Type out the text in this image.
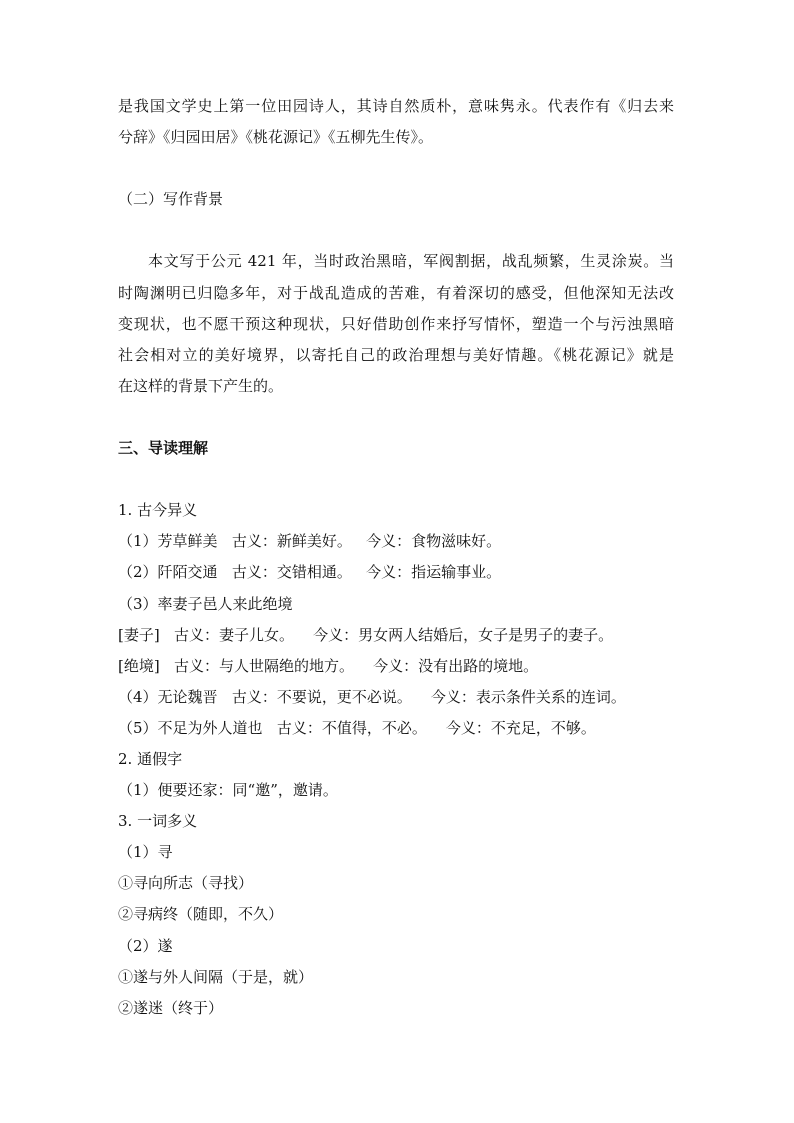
是我国文学史上第一位田园诗人，其诗自然质朴，意味隽永。代表作有《归去来
兮辞》《归园田居》《桃花源记》《五柳先生传》。
（二）写作背景
本文写于公元 421 年，当时政治黑暗，军阀割据，战乱频繁，生灵涂炭。当
时陶渊明已归隐多年，对于战乱造成的苦难，有着深切的感受，但他深知无法改
变现状，也不愿干预这种现状，只好借助创作来抒写情怀，塑造一个与污浊黑暗
社会相对立的美好境界，以寄托自己的政治理想与美好情趣。《桃花源记》就是
在这样的背景下产生的。
三、导读理解
1. 古今异义
（1）芳草鲜美   古义：新鲜美好。   今义：食物滋味好。
（2）阡陌交通   古义：交错相通。   今义：指运输事业。
（3）率妻子邑人来此绝境
[妻子]   古义：妻子儿女。    今义：男女两人结婚后，女子是男子的妻子。
[绝境]   古义：与人世隔绝的地方。    今义：没有出路的境地。
（4）无论魏晋   古义：不要说，更不必说。    今义：表示条件关系的连词。
（5）不足为外人道也   古义：不值得，不必。    今义：不充足，不够。
2. 通假字
（1）便要还家：同“邀”，邀请。
3. 一词多义
（1）寻
①寻向所志（寻找）
②寻病终（随即，不久）
（2）遂
①遂与外人间隔（于是，就）
②遂迷（终于）
